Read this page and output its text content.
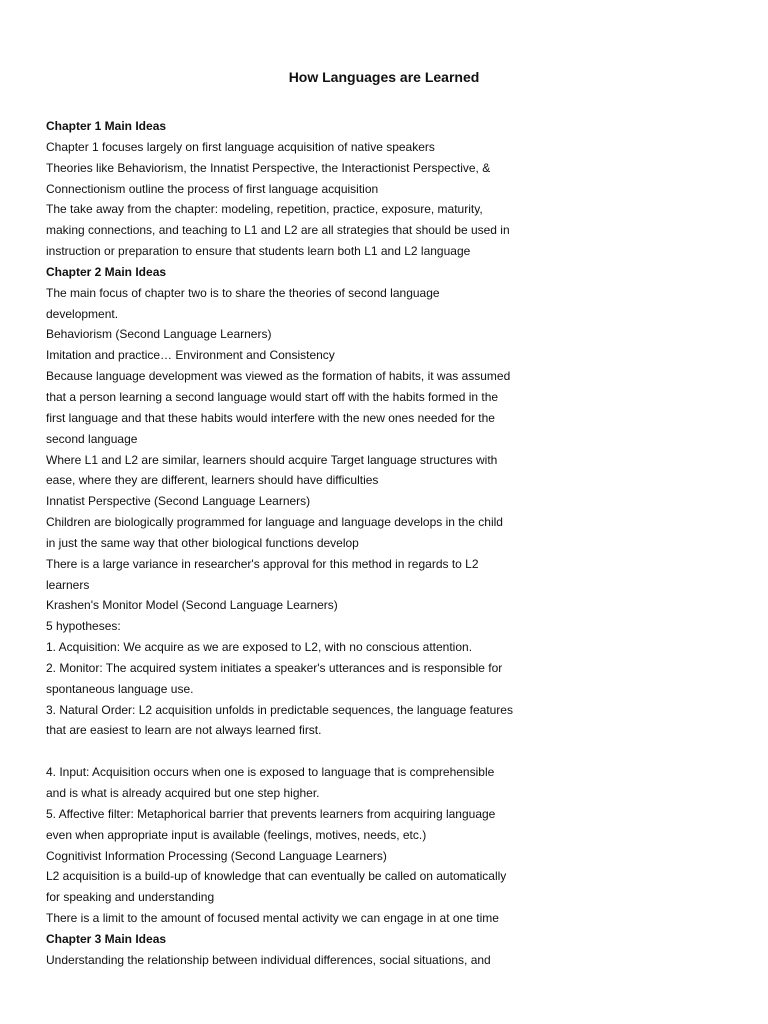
How Languages are Learned

Chapter 1 Main Ideas

Chapter 1 focuses largely on first language acquisition of native speakers

Theories like Behaviorism, the Innatist Perspective, the Interactionist Perspective, &

Connectionism outline the process of first language acquisition

The take away from the chapter: modeling, repetition, practice, exposure, maturity,

making connections, and teaching to L1 and L2 are all strategies that should be used in

instruction or preparation to ensure that students learn both L1 and L2 language

Chapter 2 Main Ideas

The main focus of chapter two is to share the theories of second language

development.

Behaviorism (Second Language Learners)

Imitation and practice… Environment and Consistency

Because language development was viewed as the formation of habits, it was assumed

that a person learning a second language would start off with the habits formed in the

first language and that these habits would interfere with the new ones needed for the

second language

Where L1 and L2 are similar, learners should acquire Target language structures with

ease, where they are different, learners should have difficulties

Innatist Perspective (Second Language Learners)

Children are biologically programmed for language and language develops in the child

in just the same way that other biological functions develop

There is a large variance in researcher's approval for this method in regards to L2

learners

Krashen's Monitor Model (Second Language Learners)

5 hypotheses:

1. Acquisition: We acquire as we are exposed to L2, with no conscious attention.

2. Monitor: The acquired system initiates a speaker's utterances and is responsible for

spontaneous language use.

3. Natural Order: L2 acquisition unfolds in predictable sequences, the language features

that are easiest to learn are not always learned first.

4. Input: Acquisition occurs when one is exposed to language that is comprehensible

and is what is already acquired but one step higher.

5. Affective filter: Metaphorical barrier that prevents learners from acquiring language

even when appropriate input is available (feelings, motives, needs, etc.)

Cognitivist Information Processing (Second Language Learners)

L2 acquisition is a build-up of knowledge that can eventually be called on automatically

for speaking and understanding

There is a limit to the amount of focused mental activity we can engage in at one time

Chapter 3 Main Ideas

Understanding the relationship between individual differences, social situations, and
